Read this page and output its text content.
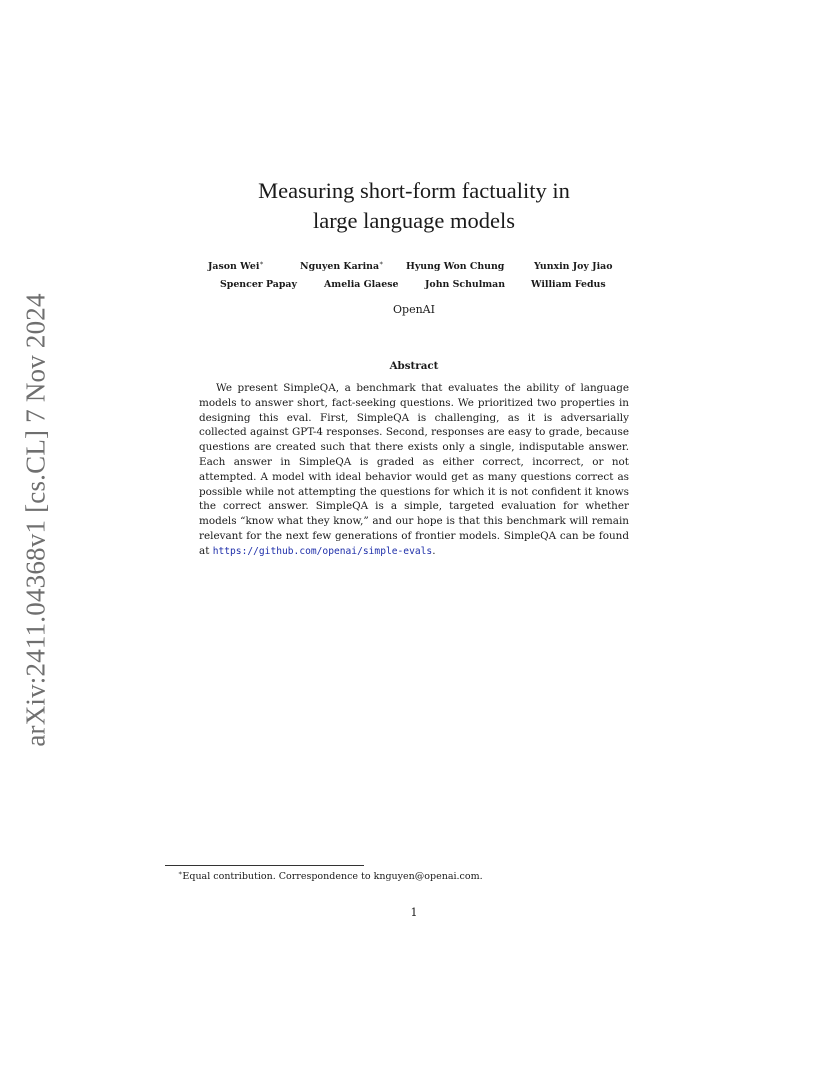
arXiv:2411.04368v1 [cs.CL] 7 Nov 2024
Measuring short-form factuality in
large language models
Jason Wei∗	Nguyen Karina∗ Hyung Won Chung	Yunxin Joy Jiao
Spencer Papay	Amelia Glaese	John Schulman	William Fedus
OpenAI
Abstract
We present SimpleQA, a benchmark that evaluates the ability of language models to answer short, fact-seeking questions. We prioritized two properties in designing this eval. First, SimpleQA is challenging, as it is adversarially collected against GPT-4 responses. Second, responses are easy to grade, because questions are created such that there exists only a single, indisputable answer. Each answer in SimpleQA is graded as either correct, incorrect, or not attempted. A model with ideal behavior would get as many questions correct as possible while not attempting the questions for which it is not confident it knows the correct answer. SimpleQA is a simple, targeted evaluation for whether models “know what they know,” and our hope is that this benchmark will remain relevant for the next few generations of frontier models. SimpleQA can be found at https://github.com/openai/simple-evals.
∗Equal contribution. Correspondence to kn​guyen@openai.com.
1
